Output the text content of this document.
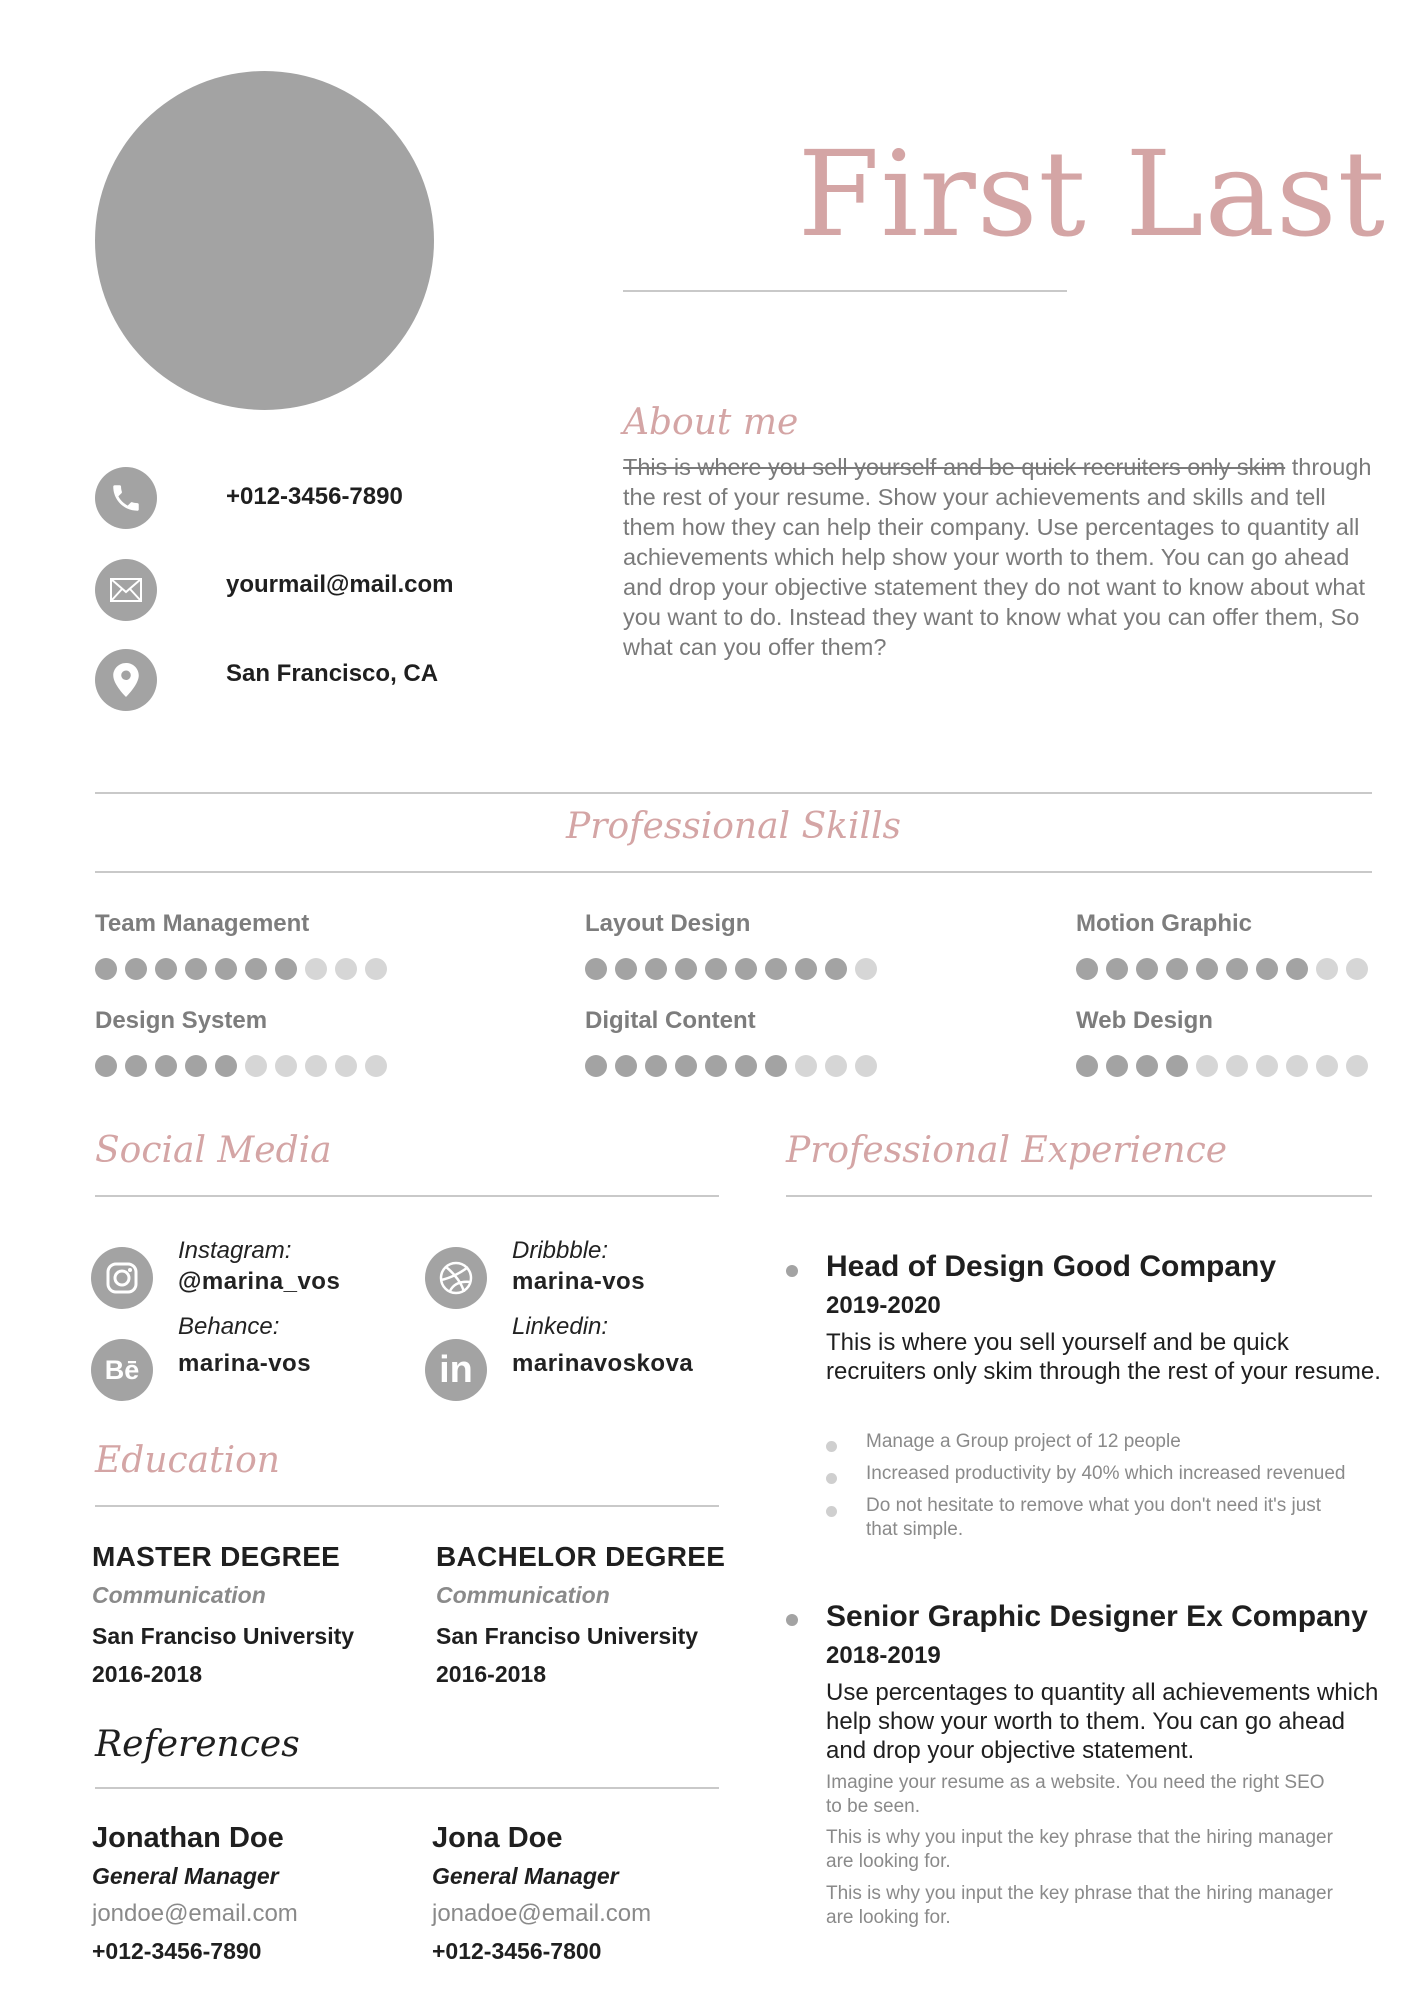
First Last
+012-3456-7890
yourmail@mail.com
San Francisco, CA
About me
This is where you sell yourself and be quick recruiters only skim through the rest of your resume. Show your achievements and skills and tell them how they can help their company. Use percentages to quantity all achievements which help show your worth to them. You can go ahead and drop your objective statement they do not want to know about what you want to do. Instead they want to know what you can offer them, So what can you offer them?
Professional Skills
Team Management	Layout Design	Motion Graphic
Design System	Digital Content	Web Design
Social Media
Instagram:
@marina_vos
Dribbble:
marina-vos
Bē
Behance:
marina-vos	in
Linkedin:
marinavoskova
Education
MASTER DEGREE
Communication
San Franciso University
2016-2018
BACHELOR DEGREE
Communication
San Franciso University
2016-2018
References
Jonathan Doe
General Manager
jondoe@email.com
+012-3456-7890
Jona Doe
General Manager
jonadoe@email.com
+012-3456-7800
Professional Experience
Head of Design Good Company
2019-2020
This is where you sell yourself and be quick recruiters only skim through the rest of your resume.
Manage a Group project of 12 people
Increased productivity by 40% which increased revenued
Do not hesitate to remove what you don't need it's just that simple.
Senior Graphic Designer Ex Company
2018-2019
Use percentages to quantity all achievements which help show your worth to them. You can go ahead and drop your objective statement.
Imagine your resume as a website. You need the right SEO to be seen.
This is why you input the key phrase that the hiring manager are looking for.
This is why you input the key phrase that the hiring manager are looking for.
